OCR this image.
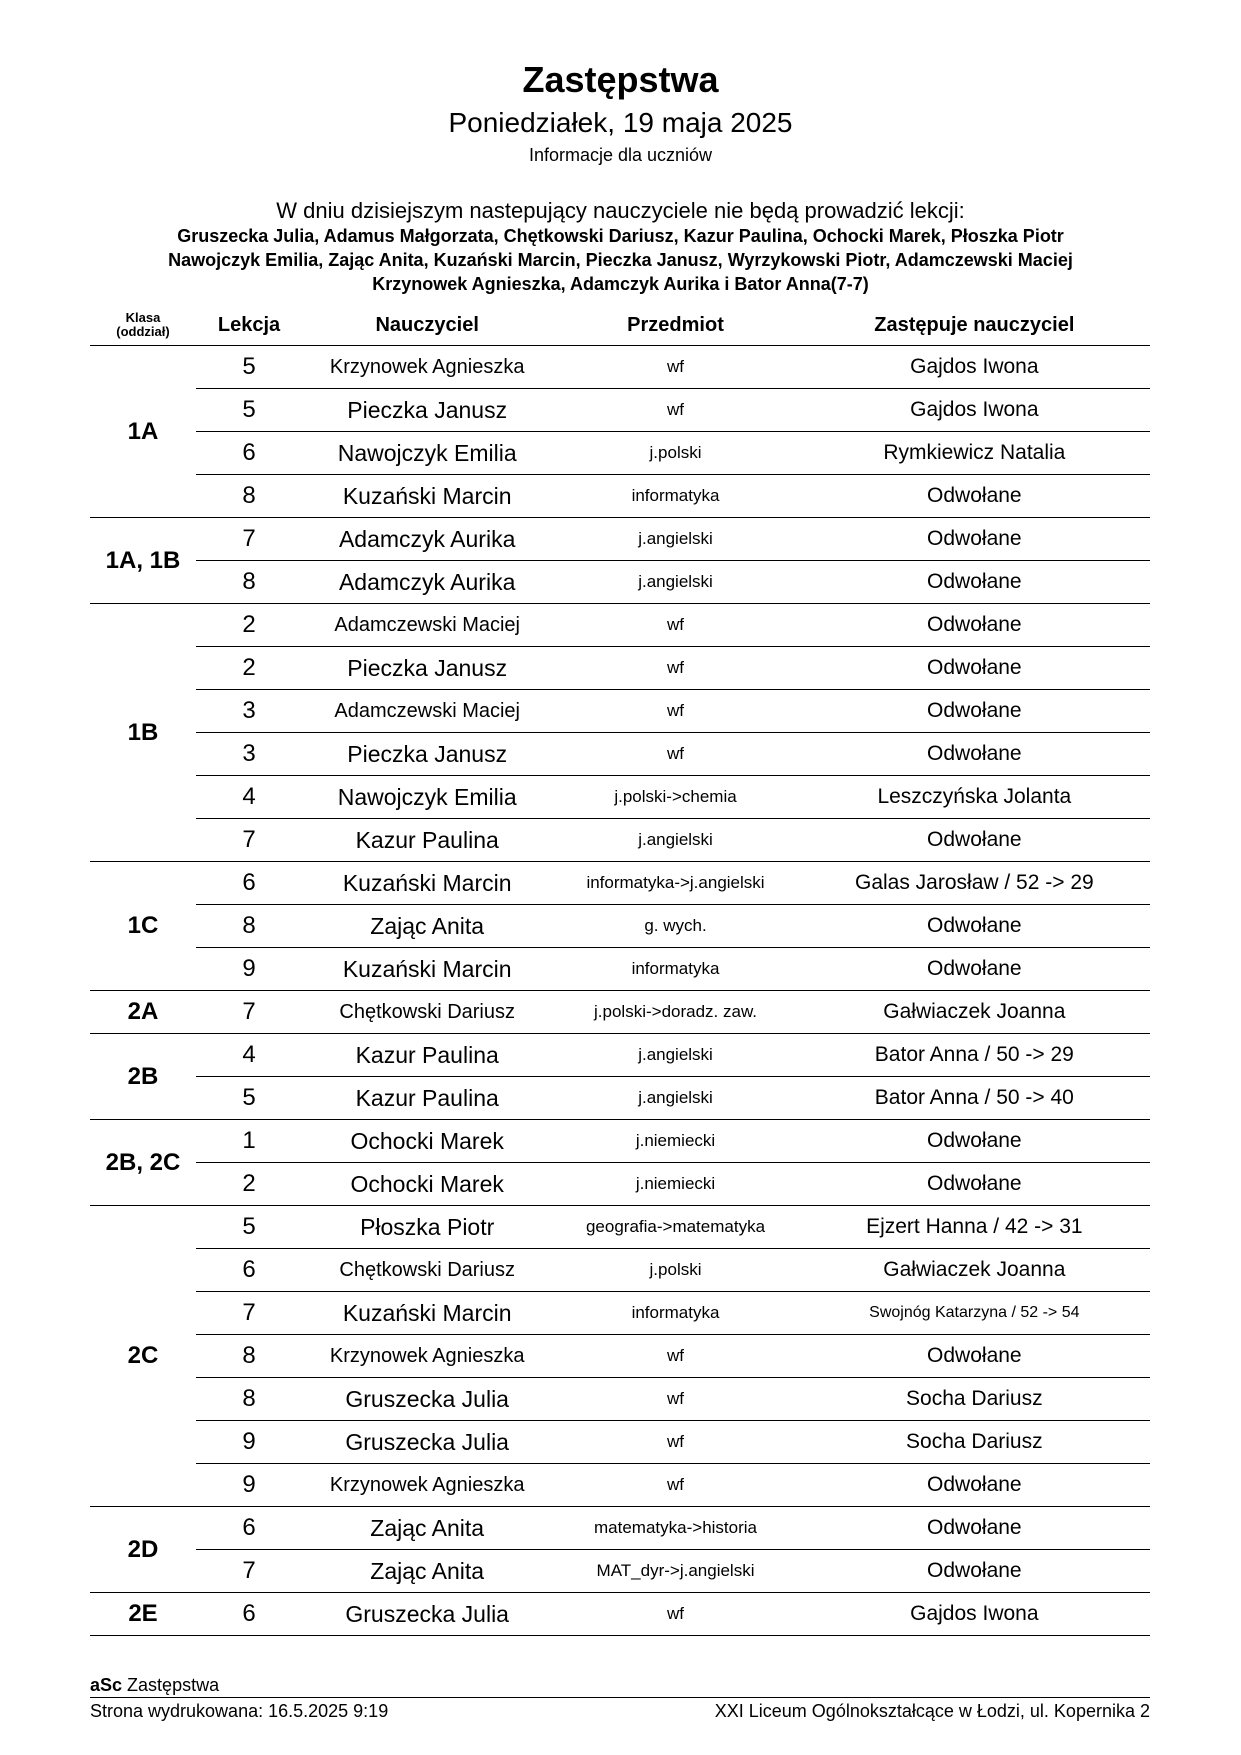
Zastępstwa
Poniedziałek, 19 maja 2025
Informacje dla uczniów
W dniu dzisiejszym nastepujący nauczyciele nie będą prowadzić lekcji:
Gruszecka Julia, Adamus Małgorzata, Chętkowski Dariusz, Kazur Paulina, Ochocki Marek, Płoszka Piotr
Nawojczyk Emilia, Zając Anita, Kuzański Marcin, Pieczka Janusz, Wyrzykowski Piotr, Adamczewski Maciej
Krzynowek Agnieszka, Adamczyk Aurika i Bator Anna(7-7)
Klasa
(oddział)	Lekcja	Nauczyciel	Przedmiot	Zastępuje nauczyciel
1A	5	Krzynowek Agnieszka	wf	Gajdos Iwona
	5	Pieczka Janusz	wf	Gajdos Iwona
	6	Nawojczyk Emilia	j.polski	Rymkiewicz Natalia
	8	Kuzański Marcin	informatyka	Odwołane
1A, 1B	7	Adamczyk Aurika	j.angielski	Odwołane
	8	Adamczyk Aurika	j.angielski	Odwołane
1B	2	Adamczewski Maciej	wf	Odwołane
	2	Pieczka Janusz	wf	Odwołane
	3	Adamczewski Maciej	wf	Odwołane
	3	Pieczka Janusz	wf	Odwołane
	4	Nawojczyk Emilia	j.polski->chemia	Leszczyńska Jolanta
	7	Kazur Paulina	j.angielski	Odwołane
1C	6	Kuzański Marcin	informatyka->j.angielski	Galas Jarosław / 52 -> 29
	8	Zając Anita	g. wych.	Odwołane
	9	Kuzański Marcin	informatyka	Odwołane
2A	7	Chętkowski Dariusz	j.polski->doradz. zaw.	Gałwiaczek Joanna
2B	4	Kazur Paulina	j.angielski	Bator Anna / 50 -> 29
	5	Kazur Paulina	j.angielski	Bator Anna / 50 -> 40
2B, 2C	1	Ochocki Marek	j.niemiecki	Odwołane
	2	Ochocki Marek	j.niemiecki	Odwołane
2C	5	Płoszka Piotr	geografia->matematyka	Ejzert Hanna / 42 -> 31
	6	Chętkowski Dariusz	j.polski	Gałwiaczek Joanna
	7	Kuzański Marcin	informatyka	Swojnóg Katarzyna / 52 -> 54
	8	Krzynowek Agnieszka	wf	Odwołane
	8	Gruszecka Julia	wf	Socha Dariusz
	9	Gruszecka Julia	wf	Socha Dariusz
	9	Krzynowek Agnieszka	wf	Odwołane
2D	6	Zając Anita	matematyka->historia	Odwołane
	7	Zając Anita	MAT_dyr->j.angielski	Odwołane
2E	6	Gruszecka Julia	wf	Gajdos Iwona
aSc Zastępstwa
Strona wydrukowana: 16.5.2025 9:19	XXI Liceum Ogólnokształcące w Łodzi, ul. Kopernika 2
